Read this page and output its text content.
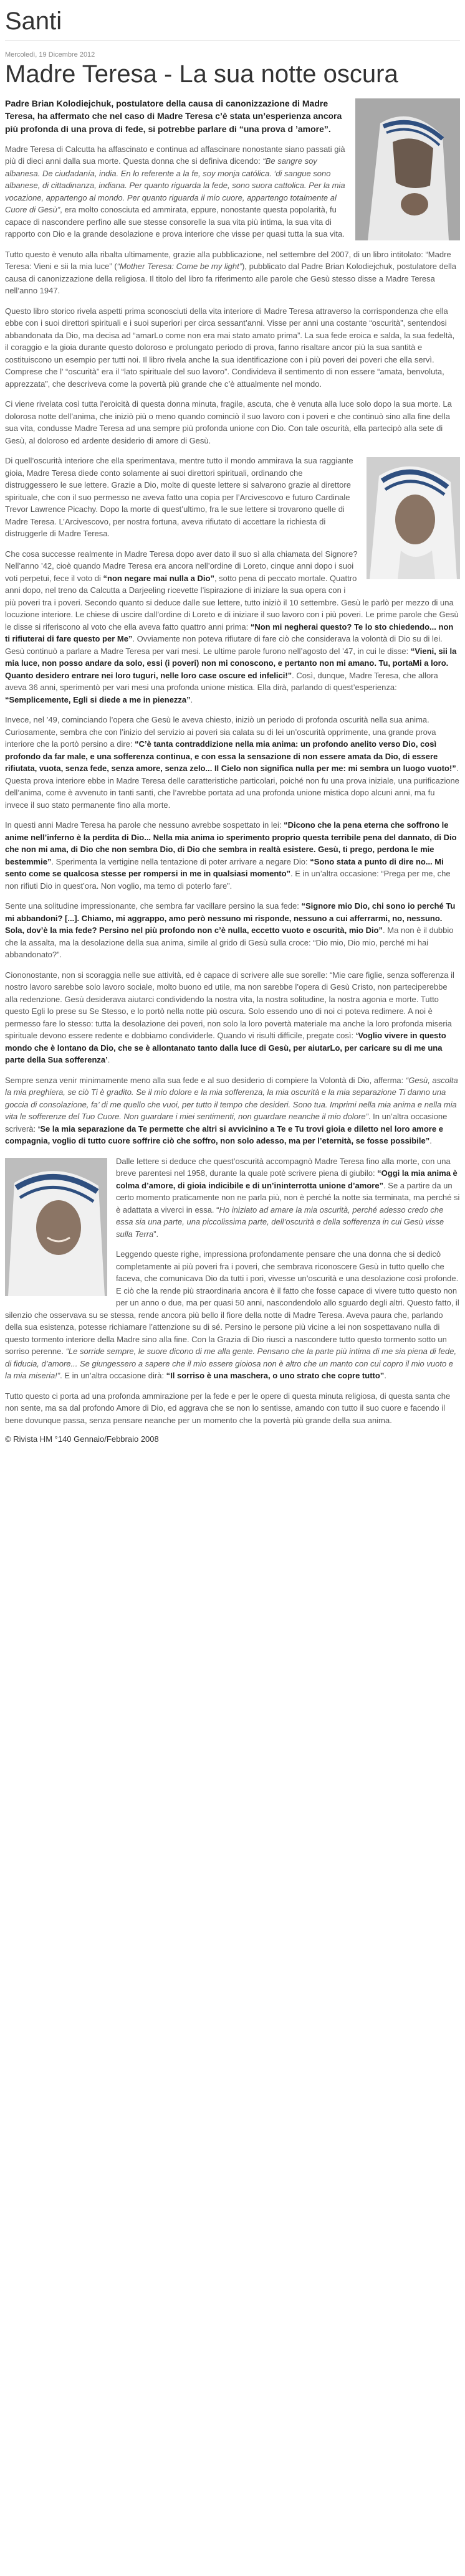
Santi
Mercoledì, 19 Dicembre 2012
Madre Teresa - La sua notte oscura

Padre Brian Kolodiejchuk, postulatore della causa di canonizzazione di Madre Teresa, ha affermato che nel caso di Madre Teresa c’è stata un’esperienza ancora più profonda di una prova di fede, si potrebbe parlare di “una prova d ’amore”.

Madre Teresa di Calcutta ha affascinato e continua ad affascinare nonostante siano passati già più di dieci anni dalla sua morte. Questa donna che si definiva dicendo: “Be sangre soy albanesa. De ciudadanía, india. En lo referente a la fe, soy monja católica. ‘di sangue sono albanese, di cittadinanza, indiana. Per quanto riguarda la fede, sono suora cattolica. Per la mia vocazione, appartengo al mondo. Per quanto riguarda il mio cuore, appartengo totalmente al Cuore di Gesù”, era molto conosciuta ed ammirata, eppure, nonostante questa popolarità, fu capace di nascondere perfino alle sue stesse consorelle la sua vita più intima, la sua vita di rapporto con Dio e la grande desolazione e prova interiore che visse per quasi tutta la sua vita.

Tutto questo è venuto alla ribalta ultimamente, grazie alla pubblicazione, nel settembre del 2007, di un libro intitolato: “Madre Teresa: Vieni e sii la mia luce” (“Mother Teresa: Come be my light”), pubblicato dal Padre Brian Kolodiejchuk, postulatore della causa di canonizzazione della religiosa. Il titolo del libro fa riferimento alle parole che Gesù stesso disse a Madre Teresa nell’anno 1947.

Questo libro storico rivela aspetti prima sconosciuti della vita interiore di Madre Teresa attraverso la corrispondenza che ella ebbe con i suoi direttori spirituali e i suoi superiori per circa sessant’anni. Visse per anni una costante “oscurità”, sentendosi abbandonata da Dio, ma decisa ad “amarLo come non era mai stato amato prima”. La sua fede eroica e salda, la sua fedeltà, il coraggio e la gioia durante questo doloroso e prolungato periodo di prova, fanno risaltare ancor più la sua santità e costituiscono un esempio per tutti noi. Il libro rivela anche la sua identificazione con i più poveri dei poveri che ella servì. Comprese che l’ “oscurità” era il “lato spirituale del suo lavoro”. Condivideva il sentimento di non essere “amata, benvoluta, apprezzata”, che descriveva come la povertà più grande che c’è attualmente nel mondo.

Ci viene rivelata così tutta l’eroicità di questa donna minuta, fragile, ascuta, che è venuta alla luce solo dopo la sua morte. La dolorosa notte dell’anima, che iniziò più o meno quando cominciò il suo lavoro con i poveri e che continuò sino alla fine della sua vita, condusse Madre Teresa ad una sempre più profonda unione con Dio. Con tale oscurità, ella partecipò alla sete di Gesù, al doloroso ed ardente desiderio di amore di Gesù.

Di quell’oscurità interiore che ella sperimentava, mentre tutto il mondo ammirava la sua raggiante gioia, Madre Teresa diede conto solamente ai suoi direttori spirituali, ordinando che distruggessero le sue lettere. Grazie a Dio, molte di queste lettere si salvarono grazie al direttore spirituale, che con il suo permesso ne aveva fatto una copia per l’Arcivescovo e futuro Cardinale Trevor Lawrence Picachy. Dopo la morte di quest’ultimo, fra le sue lettere si trovarono quelle di Madre Teresa. L’Arcivescovo, per nostra fortuna, aveva rifiutato di accettare la richiesta di distruggerle di Madre Teresa.

Che cosa successe realmente in Madre Teresa dopo aver dato il suo sì alla chiamata del Signore? Nell’anno ’42, cioè quando Madre Teresa era ancora nell’ordine di Loreto, cinque anni dopo i suoi voti perpetui, fece il voto di “non negare mai nulla a Dio”, sotto pena di peccato mortale. Quattro anni dopo, nel treno da Calcutta a Darjeeling ricevette l’ispirazione di iniziare la sua opera con i più poveri tra i poveri. Secondo quanto si deduce dalle sue lettere, tutto iniziò il 10 settembre. Gesù le parlò per mezzo di una locuzione interiore. Le chiese di uscire dall’ordine di Loreto e di iniziare il suo lavoro con i più poveri. Le prime parole che Gesù le disse si riferiscono al voto che ella aveva fatto quattro anni prima: “Non mi negherai questo? Te lo sto chiedendo... non ti rifiuterai di fare questo per Me”. Ovviamente non poteva rifiutare di fare ciò che considerava la volontà di Dio su di lei. Gesù continuò a parlare a Madre Teresa per vari mesi. Le ultime parole furono nell’agosto del ’47, in cui le disse: “Vieni, sii la mia luce, non posso andare da solo, essi (i poveri) non mi conoscono, e pertanto non mi amano. Tu, portaMi a loro. Quanto desidero entrare nei loro tuguri, nelle loro case oscure ed infelici!”. Così, dunque, Madre Teresa, che allora aveva 36 anni, sperimentò per vari mesi una profonda unione mistica. Ella dirà, parlando di quest’esperienza: “Semplicemente, Egli si diede a me in pienezza”.

Invece, nel ’49, cominciando l’opera che Gesù le aveva chiesto, iniziò un periodo di profonda oscurità nella sua anima. Curiosamente, sembra che con l’inizio del servizio ai poveri sia calata su di lei un’oscurità opprimente, una grande prova interiore che la portò persino a dire: “C’è tanta contraddizione nella mia anima: un profondo anelito verso Dio, così profondo da far male, e una sofferenza continua, e con essa la sensazione di non essere amata da Dio, di essere rifiutata, vuota, senza fede, senza amore, senza zelo... Il Cielo non significa nulla per me: mi sembra un luogo vuoto!”. Questa prova interiore ebbe in Madre Teresa delle caratteristiche particolari, poiché non fu una prova iniziale, una purificazione dell’anima, come è avvenuto in tanti santi, che l’avrebbe portata ad una profonda unione mistica dopo alcuni anni, ma fu invece il suo stato permanente fino alla morte.

In questi anni Madre Teresa ha parole che nessuno avrebbe sospettato in lei: “Dicono che la pena eterna che soffrono le anime nell’inferno è la perdita di Dio... Nella mia anima io sperimento proprio questa terribile pena del dannato, di Dio che non mi ama, di Dio che non sembra Dio, di Dio che sembra in realtà esistere. Gesù, ti prego, perdona le mie bestemmie”. Sperimenta la vertigine nella tentazione di poter arrivare a negare Dio: “Sono stata a punto di dire no... Mi sento come se qualcosa stesse per rompersi in me in qualsiasi momento”. E in un’altra occasione: “Prega per me, che non rifiuti Dio in quest’ora. Non voglio, ma temo di poterlo fare”.

Sente una solitudine impressionante, che sembra far vacillare persino la sua fede: “Signore mio Dio, chi sono io perché Tu mi abbandoni? [...]. Chiamo, mi aggrappo, amo però nessuno mi risponde, nessuno a cui afferrarmi, no, nessuno. Sola, dov’è la mia fede? Persino nel più profondo non c’è nulla, eccetto vuoto e oscurità, mio Dio”. Ma non è il dubbio che la assalta, ma la desolazione della sua anima, simile al grido di Gesù sulla croce: “Dio mio, Dio mio, perché mi hai abbandonato?”.

Ciononostante, non si scoraggia nelle sue attività, ed è capace di scrivere alle sue sorelle: “Mie care figlie, senza sofferenza il nostro lavoro sarebbe solo lavoro sociale, molto buono ed utile, ma non sarebbe l’opera di Gesù Cristo, non parteciperebbe alla redenzione. Gesù desiderava aiutarci condividendo la nostra vita, la nostra solitudine, la nostra agonia e morte. Tutto questo Egli lo prese su Se Stesso, e lo portò nella notte più oscura. Solo essendo uno di noi ci poteva redimere. A noi è permesso fare lo stesso: tutta la desolazione dei poveri, non solo la loro povertà materiale ma anche la loro profonda miseria spirituale devono essere redente e dobbiamo condividerle. Quando vi risulti difficile, pregate così: ‘Voglio vivere in questo mondo che è lontano da Dio, che se è allontanato tanto dalla luce di Gesù, per aiutarLo, per caricare su di me una parte della Sua sofferenza’.

Sempre senza venir minimamente meno alla sua fede e al suo desiderio di compiere la Volontà di Dio, afferma: “Gesù, ascolta la mia preghiera, se ciò Ti è gradito. Se il mio dolore e la mia sofferenza, la mia oscurità e la mia separazione Ti danno una goccia di consolazione, fa’ di me quello che vuoi, per tutto il tempo che desideri. Sono tua. Imprimi nella mia anima e nella mia vita le sofferenze del Tuo Cuore. Non guardare i miei sentimenti, non guardare neanche il mio dolore”. In un’altra occasione scriverà: ‘Se la mia separazione da Te permette che altri si avvicinino a Te e Tu trovi gioia e diletto nel loro amore e compagnia, voglio di tutto cuore soffrire ciò che soffro, non solo adesso, ma per l’eternità, se fosse possibile”.

Dalle lettere si deduce che quest’oscurità accompagnò Madre Teresa fino alla morte, con una breve parentesi nel 1958, durante la quale potè scrivere piena di giubilo: “Oggi la mia anima è colma d’amore, di gioia indicibile e di un’ininterrotta unione d’amore”. Se a partire da un certo momento praticamente non ne parla più, non è perché la notte sia terminata, ma perché si è adattata a viverci in essa. “Ho iniziato ad amare la mia oscurità, perché adesso credo che essa sia una parte, una piccolissima parte, dell’oscurità e della sofferenza in cui Gesù visse sulla Terra”.

Leggendo queste righe, impressiona profondamente pensare che una donna che si dedicò completamente ai più poveri fra i poveri, che sembrava riconoscere Gesù in tutto quello che faceva, che comunicava Dio da tutti i pori, vivesse un’oscurità e una desolazione così profonde. E ciò che la rende più straordinaria ancora è il fatto che fosse capace di vivere tutto questo non per un anno o due, ma per quasi 50 anni, nascondendolo allo sguardo degli altri. Questo fatto, il silenzio che osservava su se stessa, rende ancora più bello il fiore della notte di Madre Teresa. Aveva paura che, parlando della sua esistenza, potesse richiamare l’attenzione su di sé. Persino le persone più vicine a lei non sospettavano nulla di questo tormento interiore della Madre sino alla fine. Con la Grazia di Dio riuscì a nascondere tutto questo tormento sotto un sorriso perenne. “Le sorride sempre, le suore dicono di me alla gente. Pensano che la parte più intima di me sia piena di fede, di fiducia, d’amore... Se giungessero a sapere che il mio essere gioiosa non è altro che un manto con cui copro il mio vuoto e la mia miseria!”. E in un’altra occasione dirà: “Il sorriso è una maschera, o uno strato che copre tutto”.

Tutto questo ci porta ad una profonda ammirazione per la fede e per le opere di questa minuta religiosa, di questa santa che non sente, ma sa dal profondo Amore di Dio, ed aggrava che se non lo sentisse, amando con tutto il suo cuore e facendo il bene dovunque passa, senza pensare neanche per un momento che la povertà più grande della sua anima.

© Rivista HM °140 Gennaio/Febbraio 2008
